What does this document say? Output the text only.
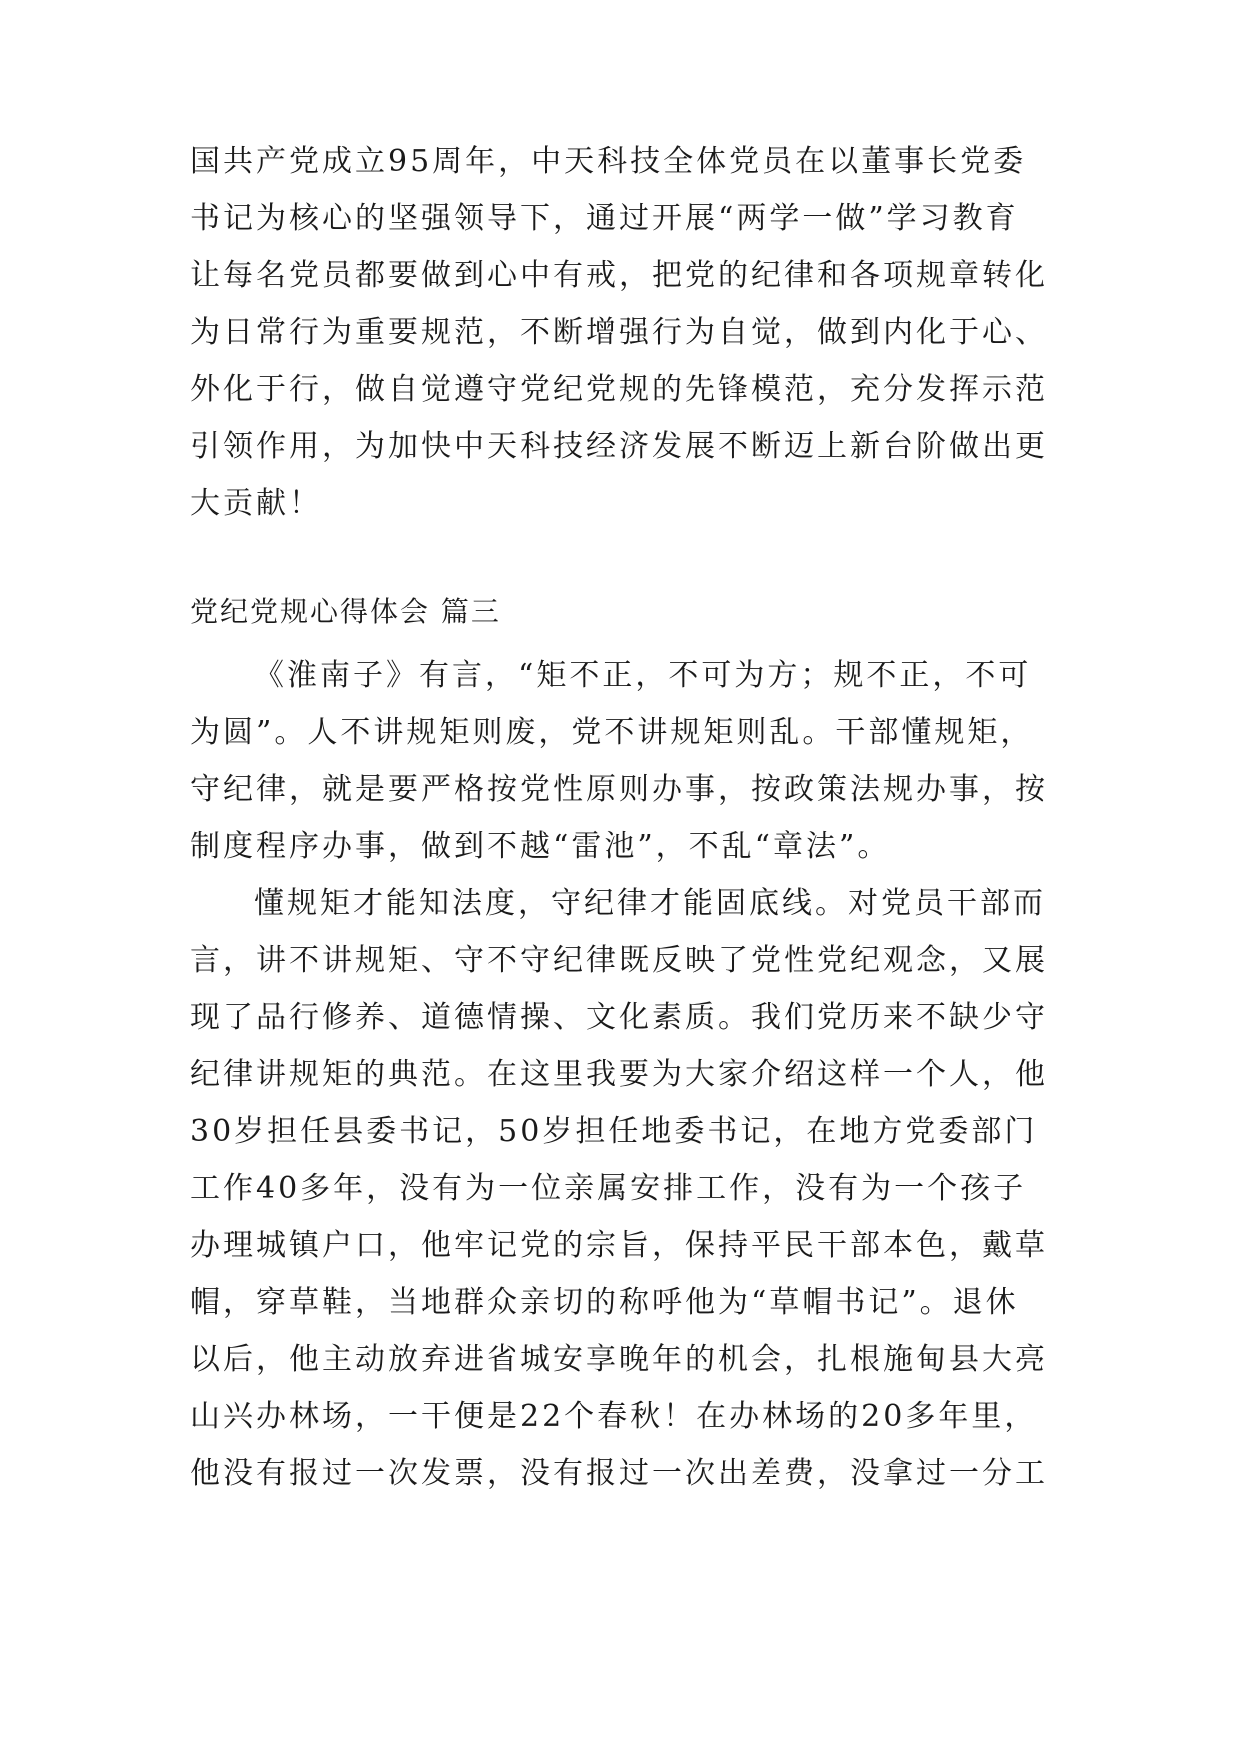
国共产党成立95周年，中天科技全体党员在以董事长党委
书记为核心的坚强领导下，通过开展“两学一做”学习教育
让每名党员都要做到心中有戒，把党的纪律和各项规章转化
为日常行为重要规范，不断增强行为自觉，做到内化于心、
外化于行，做自觉遵守党纪党规的先锋模范，充分发挥示范
引领作用，为加快中天科技经济发展不断迈上新台阶做出更
大贡献！
党纪党规心得体会 篇三
《淮南子》有言，“矩不正，不可为方；规不正，不可
为圆”。人不讲规矩则废，党不讲规矩则乱。干部懂规矩，
守纪律，就是要严格按党性原则办事，按政策法规办事，按
制度程序办事，做到不越“雷池”，不乱“章法”。
懂规矩才能知法度，守纪律才能固底线。对党员干部而
言，讲不讲规矩、守不守纪律既反映了党性党纪观念，又展
现了品行修养、道德情操、文化素质。我们党历来不缺少守
纪律讲规矩的典范。在这里我要为大家介绍这样一个人，他
30岁担任县委书记，50岁担任地委书记，在地方党委部门
工作40多年，没有为一位亲属安排工作，没有为一个孩子
办理城镇户口，他牢记党的宗旨，保持平民干部本色，戴草
帽，穿草鞋，当地群众亲切的称呼他为“草帽书记”。退休
以后，他主动放弃进省城安享晚年的机会，扎根施甸县大亮
山兴办林场，一干便是22个春秋！在办林场的20多年里，
他没有报过一次发票，没有报过一次出差费，没拿过一分工
